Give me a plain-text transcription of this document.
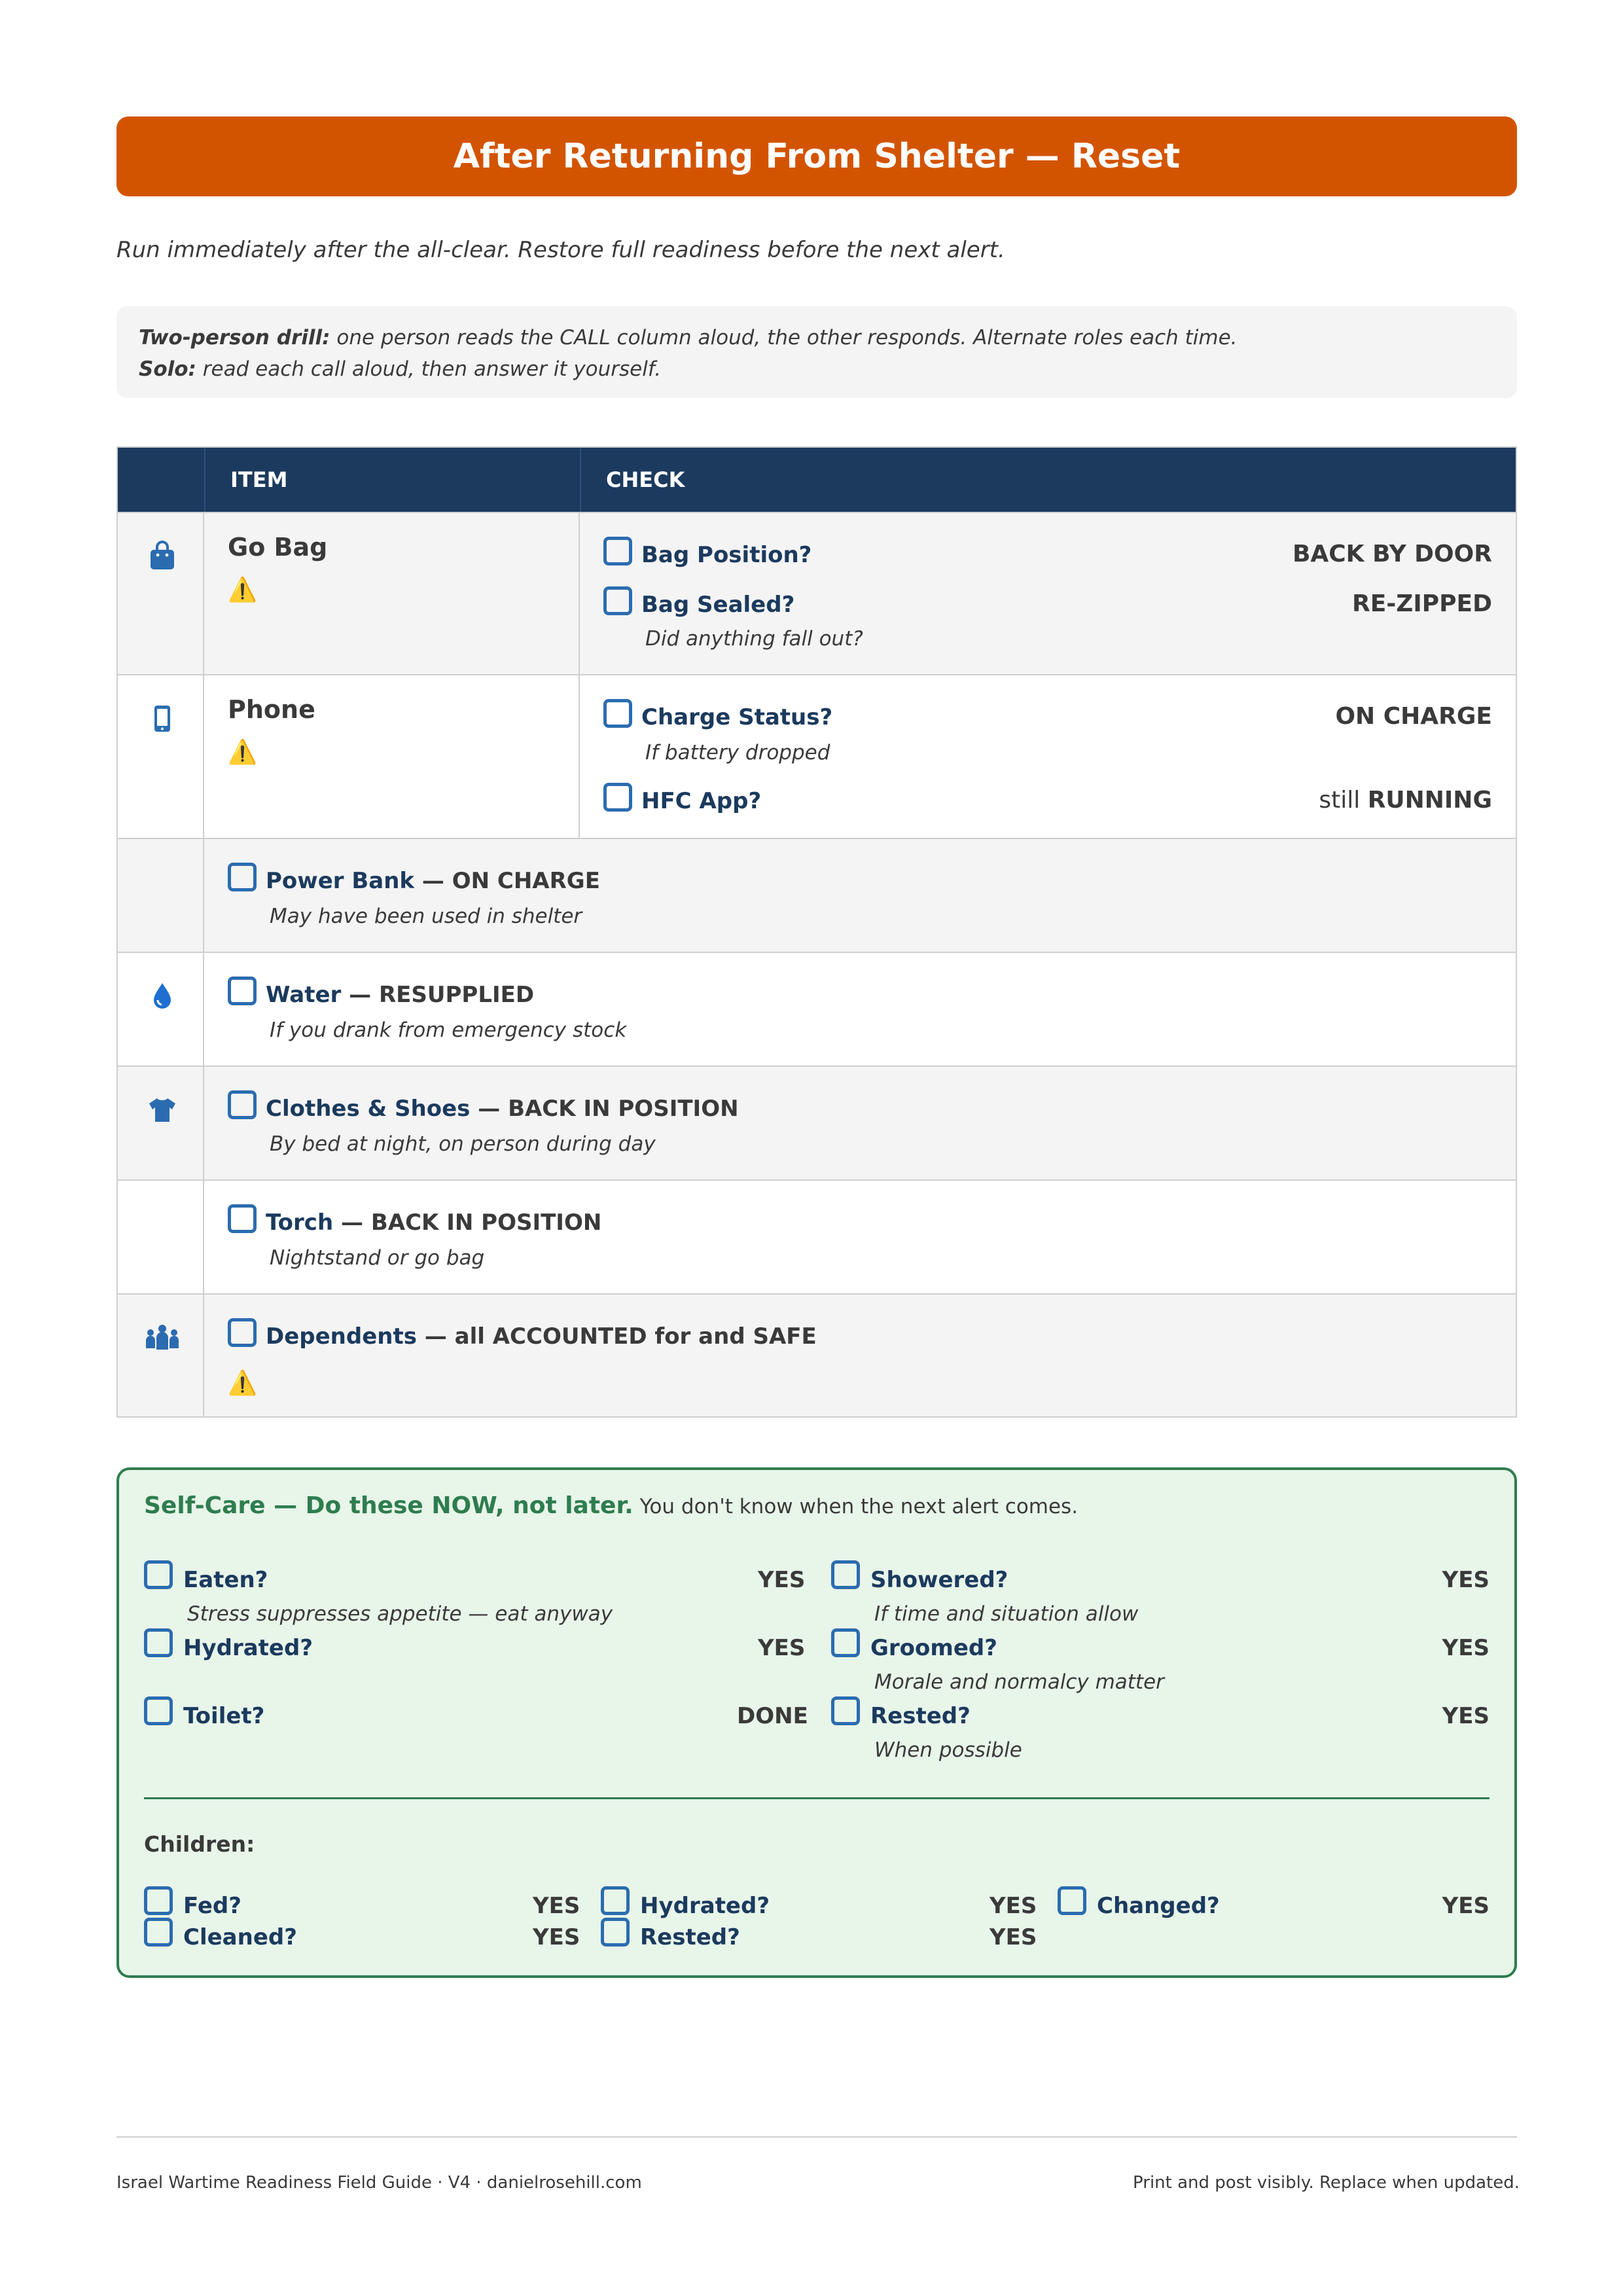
After Returning From Shelter — Reset
Run immediately after the all-clear. Restore full readiness before the next alert.
Two-person drill: one person reads the CALL column aloud, the other responds. Alternate roles each time.
Solo: read each call aloud, then answer it yourself.
ITEM	CHECK
Go Bag
⚠️
Bag Position?	BACK BY DOOR
Bag Sealed?	RE-ZIPPED
Did anything fall out?
Phone
⚠️
Charge Status?	ON CHARGE
If battery dropped
HFC App?	still RUNNING
Power Bank — ON CHARGE
May have been used in shelter
Water — RESUPPLIED
If you drank from emergency stock
Clothes & Shoes — BACK IN POSITION
By bed at night, on person during day
Torch — BACK IN POSITION
Nightstand or go bag
Dependents — all ACCOUNTED for and SAFE
⚠️
Self-Care — Do these NOW, not later. You don't know when the next alert comes.
Eaten?	YES
Stress suppresses appetite — eat anyway
Hydrated?	YES
Toilet?	DONE
Showered?	YES
If time and situation allow
Groomed?	YES
Morale and normalcy matter
Rested?	YES
When possible
Children:
Fed?	YES
Cleaned?	YES
Hydrated?	YES
Rested?	YES
Changed?	YES
Israel Wartime Readiness Field Guide · V4 · danielrosehill.com	Print and post visibly. Replace when updated.
